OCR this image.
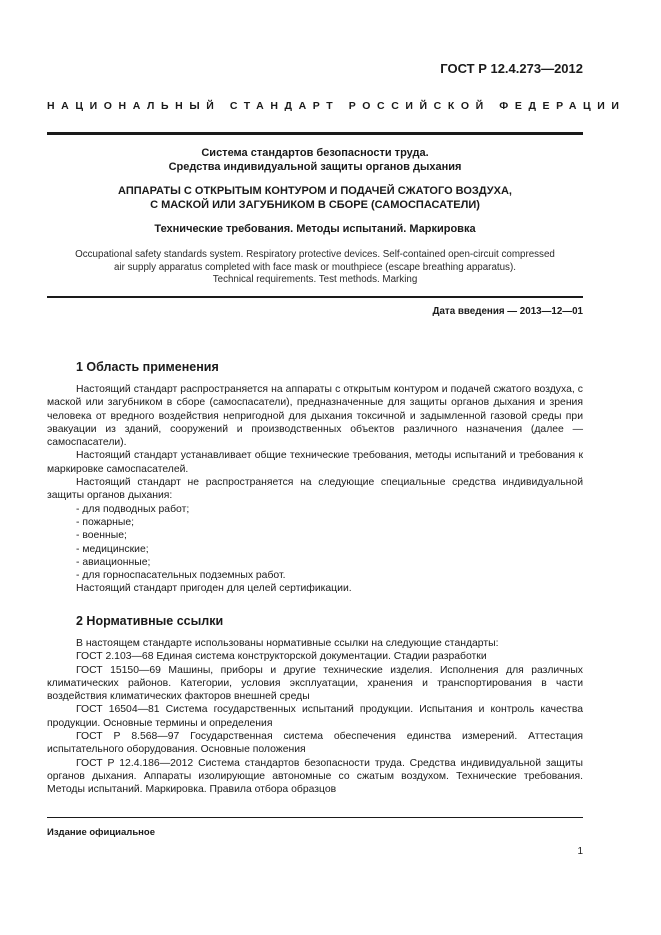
ГОСТ Р 12.4.273—2012
НАЦИОНАЛЬНЫЙ СТАНДАРТ РОССИЙСКОЙ ФЕДЕРАЦИИ
Система стандартов безопасности труда.
Средства индивидуальной защиты органов дыхания
АППАРАТЫ С ОТКРЫТЫМ КОНТУРОМ И ПОДАЧЕЙ СЖАТОГО ВОЗДУХА,
С МАСКОЙ ИЛИ ЗАГУБНИКОМ В СБОРЕ (САМОСПАСАТЕЛИ)
Технические требования. Методы испытаний. Маркировка
Occupational safety standards system. Respiratory protective devices. Self-contained open-circuit compressed
air supply apparatus completed with face mask or mouthpiece (escape breathing apparatus).
Technical requirements. Test methods. Marking
Дата введения — 2013—12—01
1 Область применения

Настоящий стандарт распространяется на аппараты с открытым контуром и подачей сжатого воздуха, с маской или загубником в сборе (самоспасатели), предназначенные для защиты органов дыхания и зрения человека от вредного воздействия непригодной для дыхания токсичной и задымленной газовой среды при эвакуации из зданий, сооружений и производственных объектов различного назначения (далее — самоспасатели).

Настоящий стандарт устанавливает общие технические требования, методы испытаний и требования к маркировке самоспасателей.

Настоящий стандарт не распространяется на следующие специальные средства индивидуальной защиты органов дыхания:

- для подводных работ;

- пожарные;

- военные;

- медицинские;

- авиационные;

- для горноспасательных подземных работ.

Настоящий стандарт пригоден для целей сертификации.

2 Нормативные ссылки

В настоящем стандарте использованы нормативные ссылки на следующие стандарты:

ГОСТ 2.103—68 Единая система конструкторской документации. Стадии разработки

ГОСТ 15150—69 Машины, приборы и другие технические изделия. Исполнения для различных климатических районов. Категории, условия эксплуатации, хранения и транспортирования в части воздействия климатических факторов внешней среды

ГОСТ 16504—81 Система государственных испытаний продукции. Испытания и контроль качества продукции. Основные термины и определения

ГОСТ Р 8.568—97 Государственная система обеспечения единства измерений. Аттестация испытательного оборудования. Основные положения

ГОСТ Р 12.4.186—2012 Система стандартов безопасности труда. Средства индивидуальной защиты органов дыхания. Аппараты изолирующие автономные со сжатым воздухом. Технические требования. Методы испытаний. Маркировка. Правила отбора образцов

Издание официальное
1
